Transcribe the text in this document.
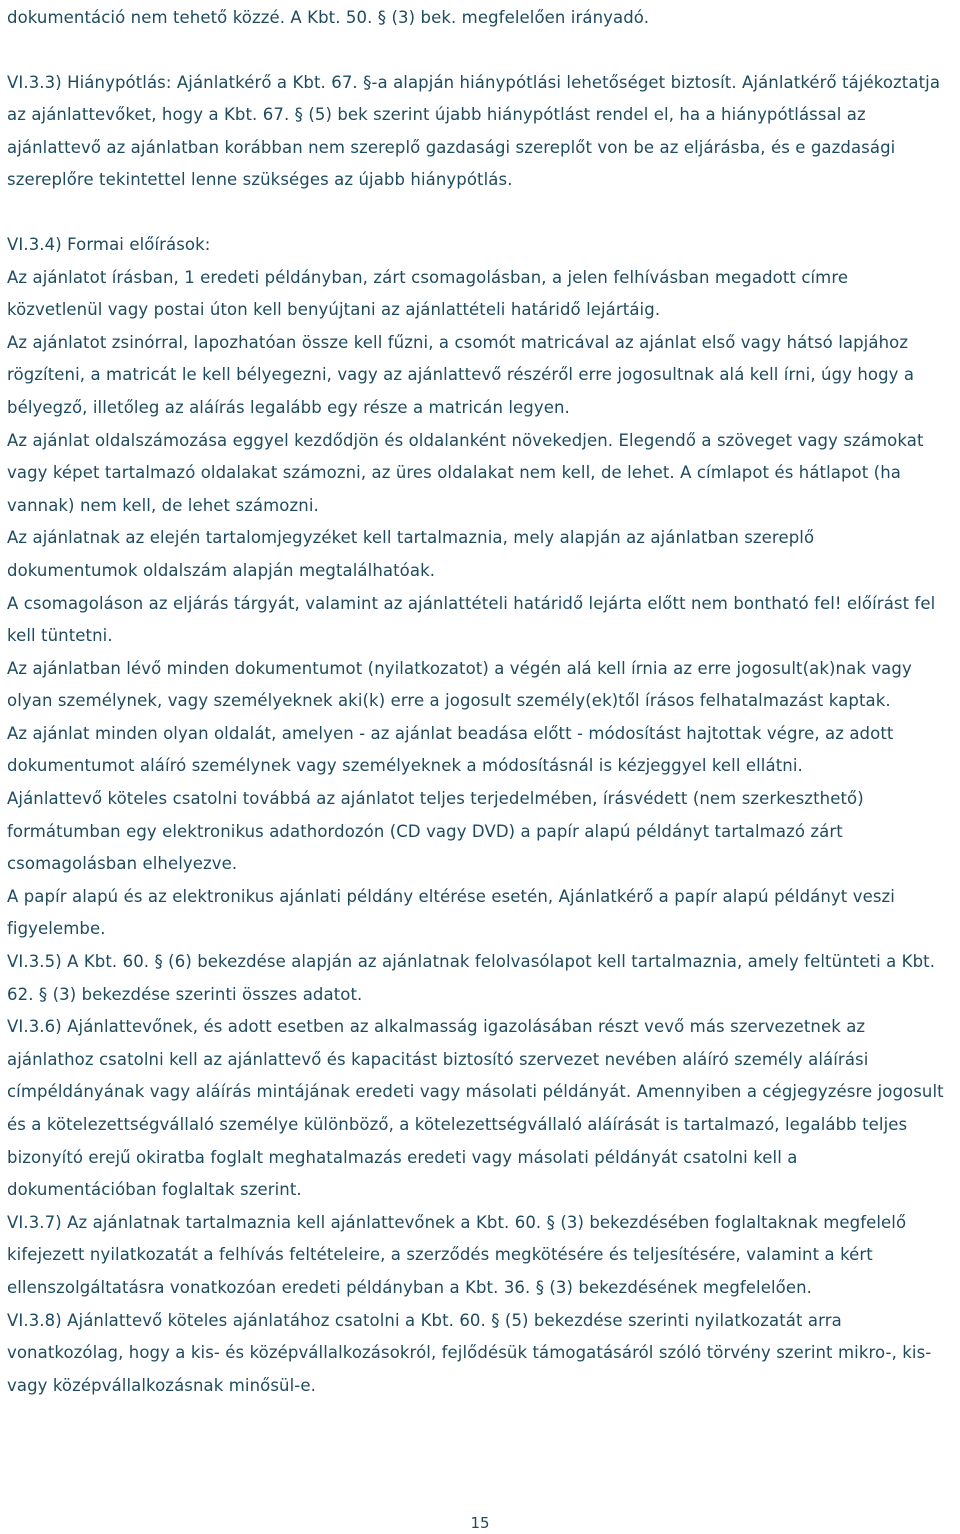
dokumentáció nem tehető közzé. A Kbt. 50. § (3) bek. megfelelően irányadó.

VI.3.3) Hiánypótlás: Ajánlatkérő a Kbt. 67. §-a alapján hiánypótlási lehetőséget biztosít. Ajánlatkérő tájékoztatja az ajánlattevőket, hogy a Kbt. 67. § (5) bek szerint újabb hiánypótlást rendel el, ha a hiánypótlással az ajánlattevő az ajánlatban korábban nem szereplő gazdasági szereplőt von be az eljárásba, és e gazdasági szereplőre tekintettel lenne szükséges az újabb hiánypótlás.

VI.3.4) Formai előírások:

Az ajánlatot írásban, 1 eredeti példányban, zárt csomagolásban, a jelen felhívásban megadott címre közvetlenül vagy postai úton kell benyújtani az ajánlattételi határidő lejártáig.

Az ajánlatot zsinórral, lapozhatóan össze kell fűzni, a csomót matricával az ajánlat első vagy hátsó lapjához rögzíteni, a matricát le kell bélyegezni, vagy az ajánlattevő részéről erre jogosultnak alá kell írni, úgy hogy a bélyegző, illetőleg az aláírás legalább egy része a matricán legyen.

Az ajánlat oldalszámozása eggyel kezdődjön és oldalanként növekedjen. Elegendő a szöveget vagy számokat vagy képet tartalmazó oldalakat számozni, az üres oldalakat nem kell, de lehet. A címlapot és hátlapot (ha vannak) nem kell, de lehet számozni.

Az ajánlatnak az elején tartalomjegyzéket kell tartalmaznia, mely alapján az ajánlatban szereplő dokumentumok oldalszám alapján megtalálhatóak.

A csomagoláson az eljárás tárgyát, valamint az ajánlattételi határidő lejárta előtt nem bontható fel! előírást fel kell tüntetni.

Az ajánlatban lévő minden dokumentumot (nyilatkozatot) a végén alá kell írnia az erre jogosult(ak)nak vagy olyan személynek, vagy személyeknek aki(k) erre a jogosult személy(ek)től írásos felhatalmazást kaptak.

Az ajánlat minden olyan oldalát, amelyen - az ajánlat beadása előtt - módosítást hajtottak végre, az adott dokumentumot aláíró személynek vagy személyeknek a módosításnál is kézjeggyel kell ellátni.

Ajánlattevő köteles csatolni továbbá az ajánlatot teljes terjedelmében, írásvédett (nem szerkeszthető) formátumban egy elektronikus adathordozón (CD vagy DVD) a papír alapú példányt tartalmazó zárt csomagolásban elhelyezve.

A papír alapú és az elektronikus ajánlati példány eltérése esetén, Ajánlatkérő a papír alapú példányt veszi figyelembe.

VI.3.5) A Kbt. 60. § (6) bekezdése alapján az ajánlatnak felolvasólapot kell tartalmaznia, amely feltünteti a Kbt. 62. § (3) bekezdése szerinti összes adatot.

VI.3.6) Ajánlattevőnek, és adott esetben az alkalmasság igazolásában részt vevő más szervezetnek az ajánlathoz csatolni kell az ajánlattevő és kapacitást biztosító szervezet nevében aláíró személy aláírási címpéldányának vagy aláírás mintájának eredeti vagy másolati példányát. Amennyiben a cégjegyzésre jogosult és a kötelezettségvállaló személye különböző, a kötelezettségvállaló aláírását is tartalmazó, legalább teljes bizonyító erejű okiratba foglalt meghatalmazás eredeti vagy másolati példányát csatolni kell a dokumentációban foglaltak szerint.

VI.3.7) Az ajánlatnak tartalmaznia kell ajánlattevőnek a Kbt. 60. § (3) bekezdésében foglaltaknak megfelelő kifejezett nyilatkozatát a felhívás feltételeire, a szerződés megkötésére és teljesítésére, valamint a kért ellenszolgáltatásra vonatkozóan eredeti példányban a Kbt. 36. § (3) bekezdésének megfelelően.

VI.3.8) Ajánlattevő köteles ajánlatához csatolni a Kbt. 60. § (5) bekezdése szerinti nyilatkozatát arra vonatkozólag, hogy a kis- és középvállalkozásokról, fejlődésük támogatásáról szóló törvény szerint mikro-, kis- vagy középvállalkozásnak minősül-e.

15
